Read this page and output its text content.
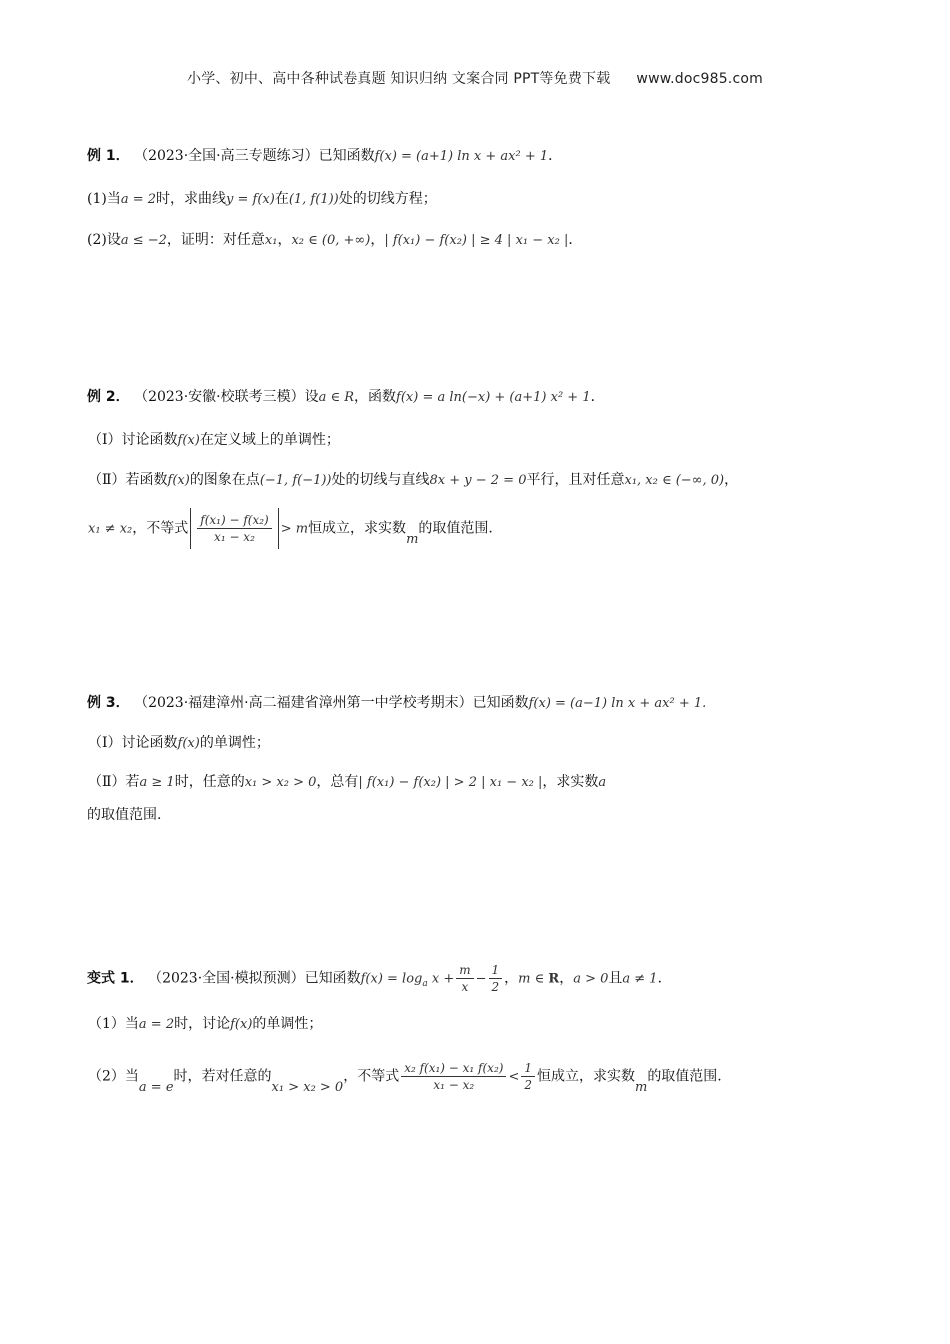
小学、初中、高中各种试卷真题 知识归纳 文案合同 PPT等免费下载 www.doc985.com
例 1． （2023·全国·高三专题练习）已知函数f(x) = (a+1) ln x + ax² + 1．
(1)当a = 2时，求曲线y = f(x)在(1, f(1))处的切线方程；
(2)设a ≤ −2，证明：对任意x₁，x₂ ∈ (0, +∞)，| f(x₁) − f(x₂) | ≥ 4 | x₁ − x₂ |．
例 2． （2023·安徽·校联考三模）设a ∈ R，函数f(x) = a ln(−x) + (a+1) x² + 1．
（Ⅰ）讨论函数f(x)在定义域上的单调性；
（Ⅱ）若函数f(x)的图象在点(−1, f(−1))处的切线与直线8x + y − 2 = 0平行，且对任意x₁, x₂ ∈ (−∞, 0)，
x₁ ≠ x₂，不等式 $\frac{\text{f(x₁) − f(x₂)}}{\text{x₁ − x₂}} > m$恒成立，求实数m的取值范围.
例 3． （2023·福建漳州·高二福建省漳州第一中学校考期末）已知函数f(x) = (a−1) ln x + ax² + 1.
（Ⅰ）讨论函数f(x)的单调性；
（Ⅱ）若a ≥ 1时，任意的x₁ > x₂ > 0，总有| f(x₁) − f(x₂) | > 2 | x₁ − x₂ |，求实数a
的取值范围.
变式 1． （2023·全国·模拟预测）已知函数$f(x) = \log_a x + \frac{m}{x} - \frac{1}{2}$ ，m ∈ R，a > 0且a ≠ 1．
（1）当a = 2时，讨论f(x)的单调性；
（2）当a = e时，若对任意的x₁ > x₂ > 0，不等式 $\frac{\text{x₂ f(x₁) − x₁ f(x₂)}}{\text{x₁ − x₂}} < \frac{1}{2}$ 恒成立，求实数m的取值范围.
